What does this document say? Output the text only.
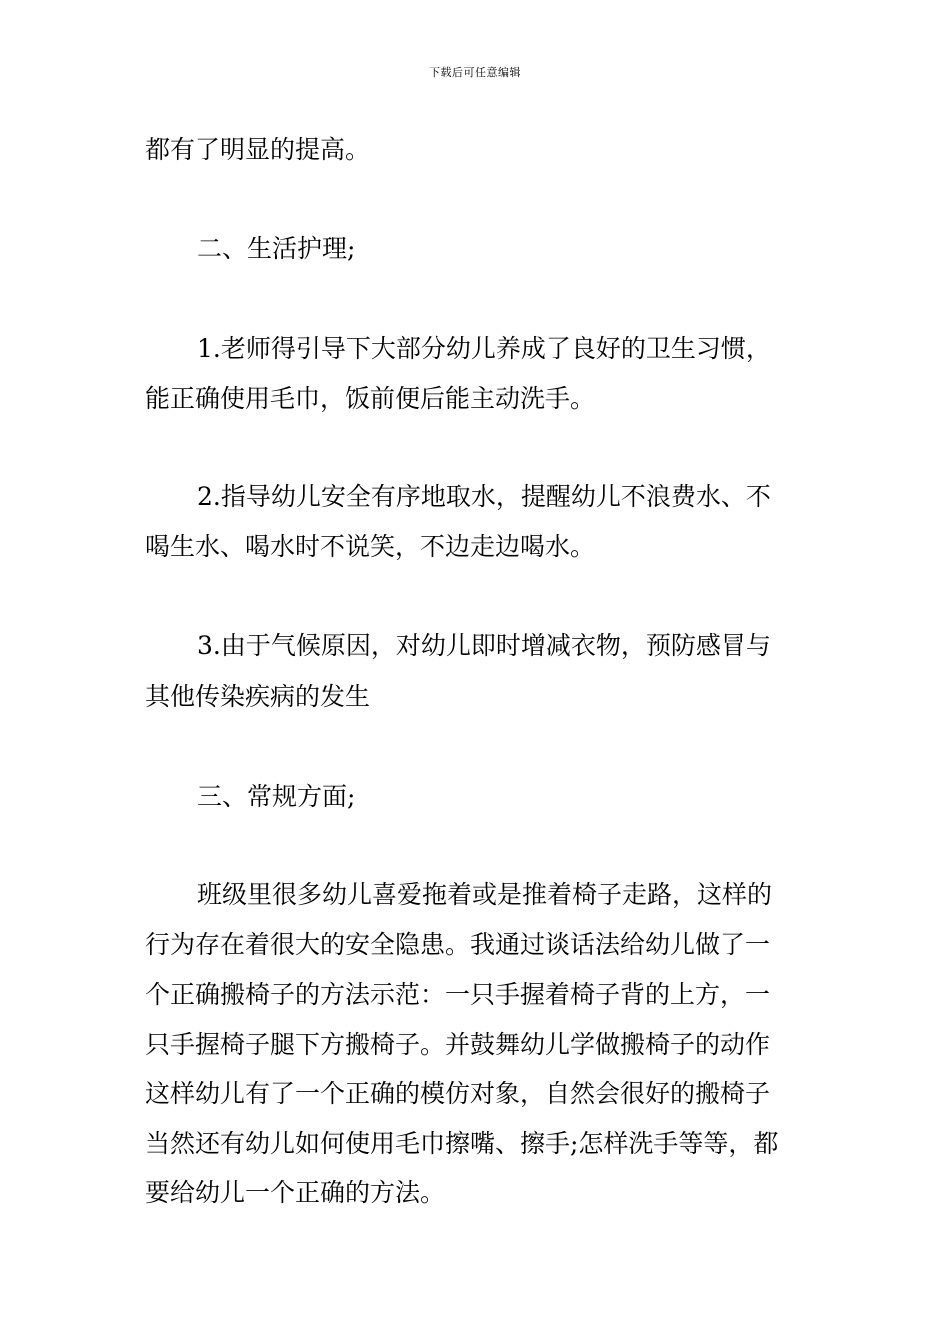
下载后可任意编辑
都有了明显的提高。
二、生活护理;
1.老师得引导下大部分幼儿养成了良好的卫生习惯，
能正确使用毛巾，饭前便后能主动洗手。
2.指导幼儿安全有序地取水，提醒幼儿不浪费水、不
喝生水、喝水时不说笑，不边走边喝水。
3.由于气候原因，对幼儿即时增减衣物，预防感冒与
其他传染疾病的发生
三、常规方面;
班级里很多幼儿喜爱拖着或是推着椅子走路，这样的
行为存在着很大的安全隐患。我通过谈话法给幼儿做了一
个正确搬椅子的方法示范：一只手握着椅子背的上方，一
只手握椅子腿下方搬椅子。并鼓舞幼儿学做搬椅子的动作
这样幼儿有了一个正确的模仿对象，自然会很好的搬椅子
当然还有幼儿如何使用毛巾擦嘴、擦手;怎样洗手等等，都
要给幼儿一个正确的方法。
